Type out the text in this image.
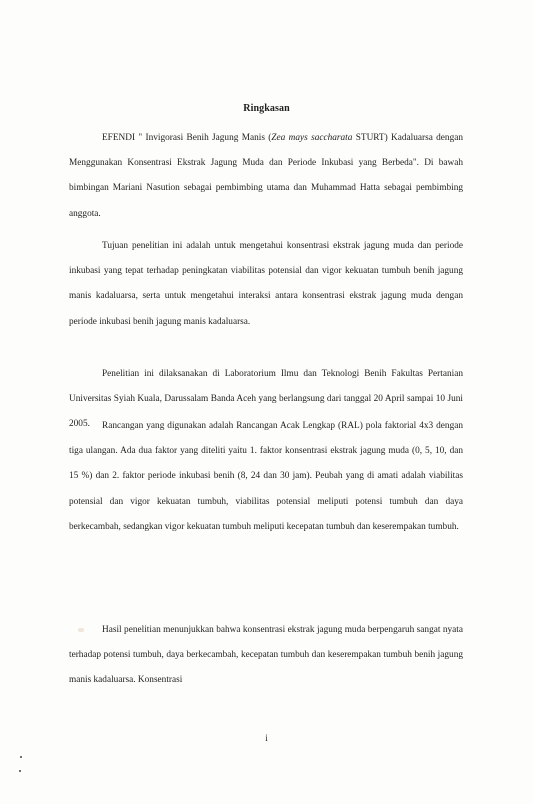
Ringkasan

EFENDI " Invigorasi Benih Jagung Manis (Zea mays saccharata STURT) Kadaluarsa dengan Menggunakan Konsentrasi Ekstrak Jagung Muda dan Periode Inkubasi yang Berbeda". Di bawah bimbingan Mariani Nasution sebagai pembimbing utama dan Muhammad Hatta sebagai pembimbing anggota.

Tujuan penelitian ini adalah untuk mengetahui konsentrasi ekstrak jagung muda dan periode inkubasi yang tepat terhadap peningkatan viabilitas potensial dan vigor kekuatan tumbuh benih jagung manis kadaluarsa, serta untuk mengetahui interaksi antara konsentrasi ekstrak jagung muda dengan periode inkubasi benih jagung manis kadaluarsa.

Penelitian ini dilaksanakan di Laboratorium Ilmu dan Teknologi Benih Fakultas Pertanian Universitas Syiah Kuala, Darussalam Banda Aceh yang berlangsung dari tanggal 20 April sampai 10 Juni 2005.	Rancangan yang digunakan adalah Rancangan Acak Lengkap (RAL) pola faktorial 4x3 dengan tiga ulangan. Ada dua faktor yang diteliti yaitu 1. faktor konsentrasi ekstrak jagung muda (0, 5, 10, dan 15 %) dan 2. faktor periode inkubasi benih (8, 24 dan 30 jam). Peubah yang di amati adalah viabilitas potensial dan vigor kekuatan tumbuh, viabilitas potensial meliputi potensi tumbuh dan daya berkecambah, sedangkan vigor kekuatan tumbuh meliputi kecepatan tumbuh dan keserempakan tumbuh.

Hasil penelitian menunjukkan bahwa konsentrasi ekstrak jagung muda berpengaruh sangat nyata terhadap potensi tumbuh, daya berkecambah, kecepatan tumbuh dan keserempakan tumbuh benih jagung manis kadaluarsa. Konsentrasi

i
